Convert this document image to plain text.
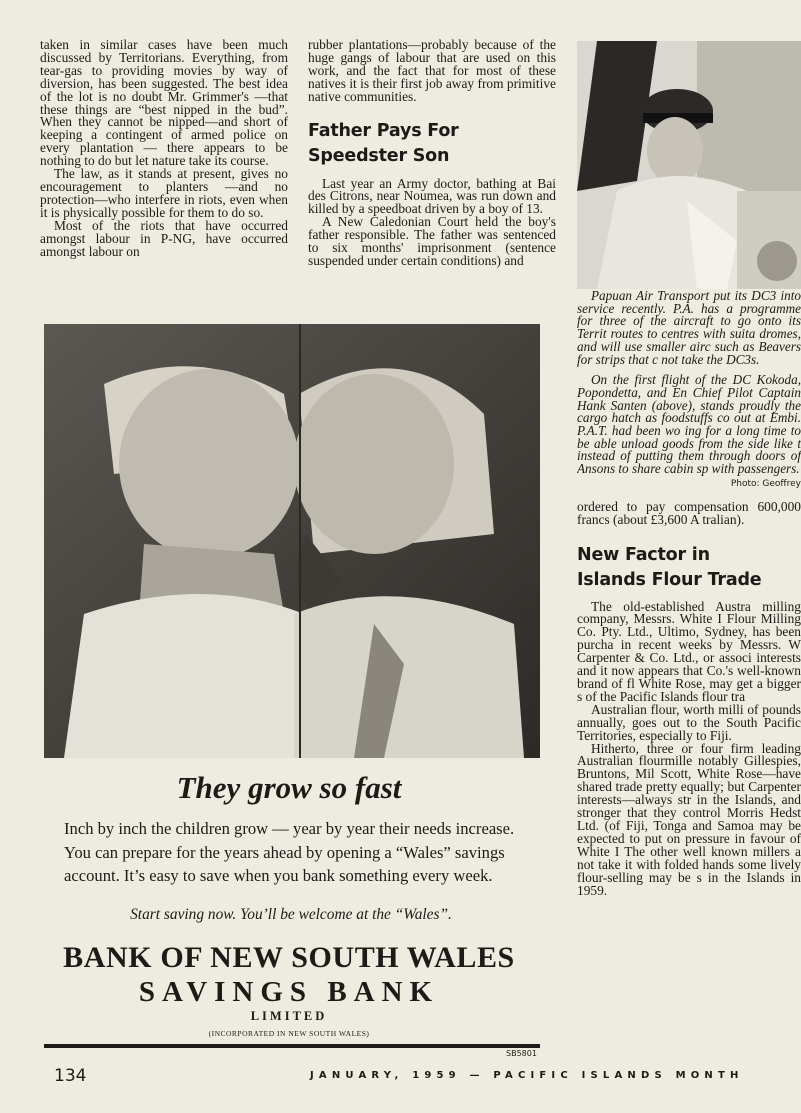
taken in similar cases have been much discussed by Territorians. Everything, from tear-gas to providing movies by way of diversion, has been suggested. The best idea of the lot is no doubt Mr. Grimmer's —that these things are “best nipped in the bud”. When they cannot be nipped—and short of keeping a contingent of armed police on every plantation — there appears to be nothing to do but let nature take its course.

The law, as it stands at present, gives no encouragement to planters —and no protection—who interfere in riots, even when it is physically possible for them to do so.

Most of the riots that have occurred amongst labour in P-NG, have occurred amongst labour on

rubber plantations—probably because of the huge gangs of labour that are used on this work, and the fact that for most of these natives it is their first job away from primitive native communities.

Father Pays For
Speedster Son

Last year an Army doctor, bathing at Bai des Citrons, near Noumea, was run down and killed by a speedboat driven by a boy of 13.

A New Caledonian Court held the boy's father responsible. The father was sentenced to six months' imprisonment (sentence suspended under certain conditions) and

Papuan Air Transport put its DC3 into service recently. P.A. has a programme for three of the aircraft to go onto its Territ routes to centres with suita dromes, and will use smaller airc such as Beavers for strips that c not take the DC3s.

On the first flight of the DC Kokoda, Popondetta, and En Chief Pilot Captain Hank Santen (above), stands proudly the cargo hatch as foodstuffs co out at Embi. P.A.T. had been wo ing for a long time to be able unload goods from the side like t instead of putting them through doors of Ansons to share cabin sp with passengers.

Photo: Geoffrey

ordered to pay compensation 600,000 francs (about £3,600 A tralian).

New Factor in
Islands Flour Trade

The old-established Austra milling company, Messrs. White I Flour Milling Co. Pty. Ltd., Ultimo, Sydney, has been purcha in recent weeks by Messrs. W Carpenter & Co. Ltd., or associ interests and it now appears that Co.'s well-known brand of fl White Rose, may get a bigger s of the Pacific Islands flour tra

Australian flour, worth milli of pounds annually, goes out to the South Pacific Territories, especially to Fiji.

Hitherto, three or four firm leading Australian flourmille notably Gillespies, Bruntons, Mil Scott, White Rose—have shared trade pretty equally; but Carpenter interests—always str in the Islands, and stronger that they control Morris Hedst Ltd. (of Fiji, Tonga and Samoa may be expected to put on pressure in favour of White I The other well known millers a not take it with folded hands some lively flour-selling may be s in the Islands in 1959.

They grow so fast
Inch by inch the children grow — year by year their needs increase. You can prepare for the years ahead by opening a “Wales” savings account. It’s easy to save when you bank something every week.
Start saving now. You’ll be welcome at the “Wales”.
BANK OF NEW SOUTH WALES
SAVINGS BANK
LIMITED
(INCORPORATED IN NEW SOUTH WALES)
SB5801
134	JANUARY, 1959 — PACIFIC ISLANDS MONTH
